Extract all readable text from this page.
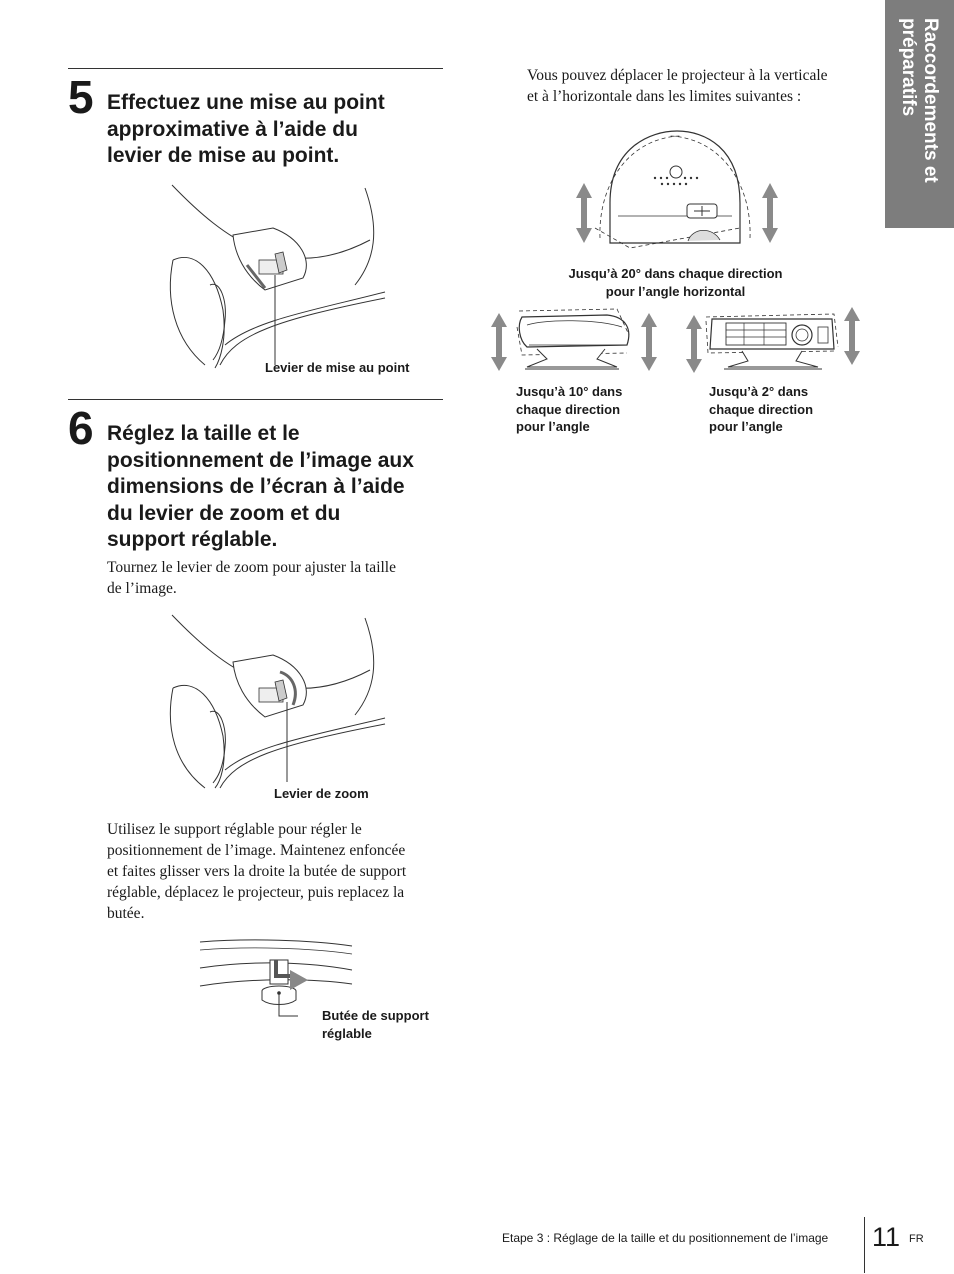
Raccordements et
préparatifs
5 Effectuez une mise au point
approximative à l’aide du
levier de mise au point.
Levier de mise au point
6 Réglez la taille et le
positionnement de l’image aux
dimensions de l’écran à l’aide
du levier de zoom et du
support réglable.
Tournez le levier de zoom pour ajuster la taille
de l’image.
Levier de zoom
Utilisez le support réglable pour régler le
positionnement de l’image. Maintenez enfoncée
et faites glisser vers la droite la butée de support
réglable, déplacez le projecteur, puis replacez la
butée.
Butée de support
réglable
Vous pouvez déplacer le projecteur à la verticale
et à l’horizontale dans les limites suivantes :
Jusqu’à 20° dans chaque direction
pour l’angle horizontal
Jusqu’à 10° dans
chaque direction
pour l’angle
Jusqu’à 2° dans
chaque direction
pour l’angle
Etape 3 : Réglage de la taille et du positionnement de l’image 11 FR
